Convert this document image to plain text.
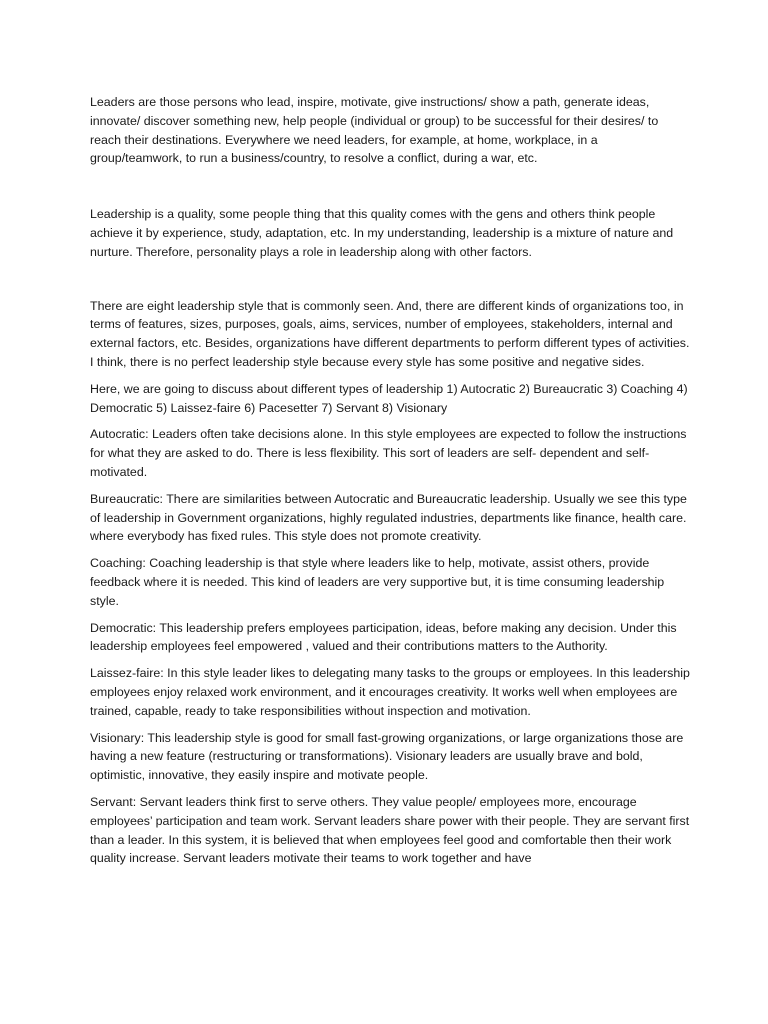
Leaders are those persons who lead, inspire, motivate, give instructions/ show a path, generate ideas, innovate/ discover something new, help people (individual or group) to be successful for their desires/ to reach their destinations. Everywhere we need leaders, for example, at home, workplace, in a group/teamwork, to run a business/country, to resolve a conflict, during a war, etc.

Leadership is a quality, some people thing that this quality comes with the gens and others think people achieve it by experience, study, adaptation, etc. In my understanding, leadership is a mixture of nature and nurture. Therefore, personality plays a role in leadership along with other factors.

There are eight leadership style that is commonly seen. And, there are different kinds of organizations too, in terms of features, sizes, purposes, goals, aims, services, number of employees, stakeholders, internal and external factors, etc. Besides, organizations have different departments to perform different types of activities. I think, there is no perfect leadership style because every style has some positive and negative sides.

Here, we are going to discuss about different types of leadership 1) Autocratic 2) Bureaucratic 3) Coaching 4) Democratic 5) Laissez-faire 6) Pacesetter 7) Servant 8) Visionary

Autocratic: Leaders often take decisions alone. In this style employees are expected to follow the instructions for what they are asked to do. There is less flexibility. This sort of leaders are self- dependent and self-motivated.

Bureaucratic: There are similarities between Autocratic and Bureaucratic leadership. Usually we see this type of leadership in Government organizations, highly regulated industries, departments like finance, health care. where everybody has fixed rules. This style does not promote creativity.

Coaching: Coaching leadership is that style where leaders like to help, motivate, assist others, provide feedback where it is needed. This kind of leaders are very supportive but, it is time consuming leadership style.

Democratic: This leadership prefers employees participation, ideas, before making any decision. Under this leadership employees feel empowered , valued and their contributions matters to the Authority.

Laissez-faire: In this style leader likes to delegating many tasks to the groups or employees. In this leadership employees enjoy relaxed work environment, and it encourages creativity. It works well when employees are trained, capable, ready to take responsibilities without inspection and motivation.

Visionary: This leadership style is good for small fast-growing organizations, or large organizations those are having a new feature (restructuring or transformations). Visionary leaders are usually brave and bold, optimistic, innovative, they easily inspire and motivate people.

Servant: Servant leaders think first to serve others. They value people/ employees more, encourage employees’ participation and team work. Servant leaders share power with their people. They are servant first than a leader. In this system, it is believed that when employees feel good and comfortable then their work quality increase. Servant leaders motivate their teams to work together and have
